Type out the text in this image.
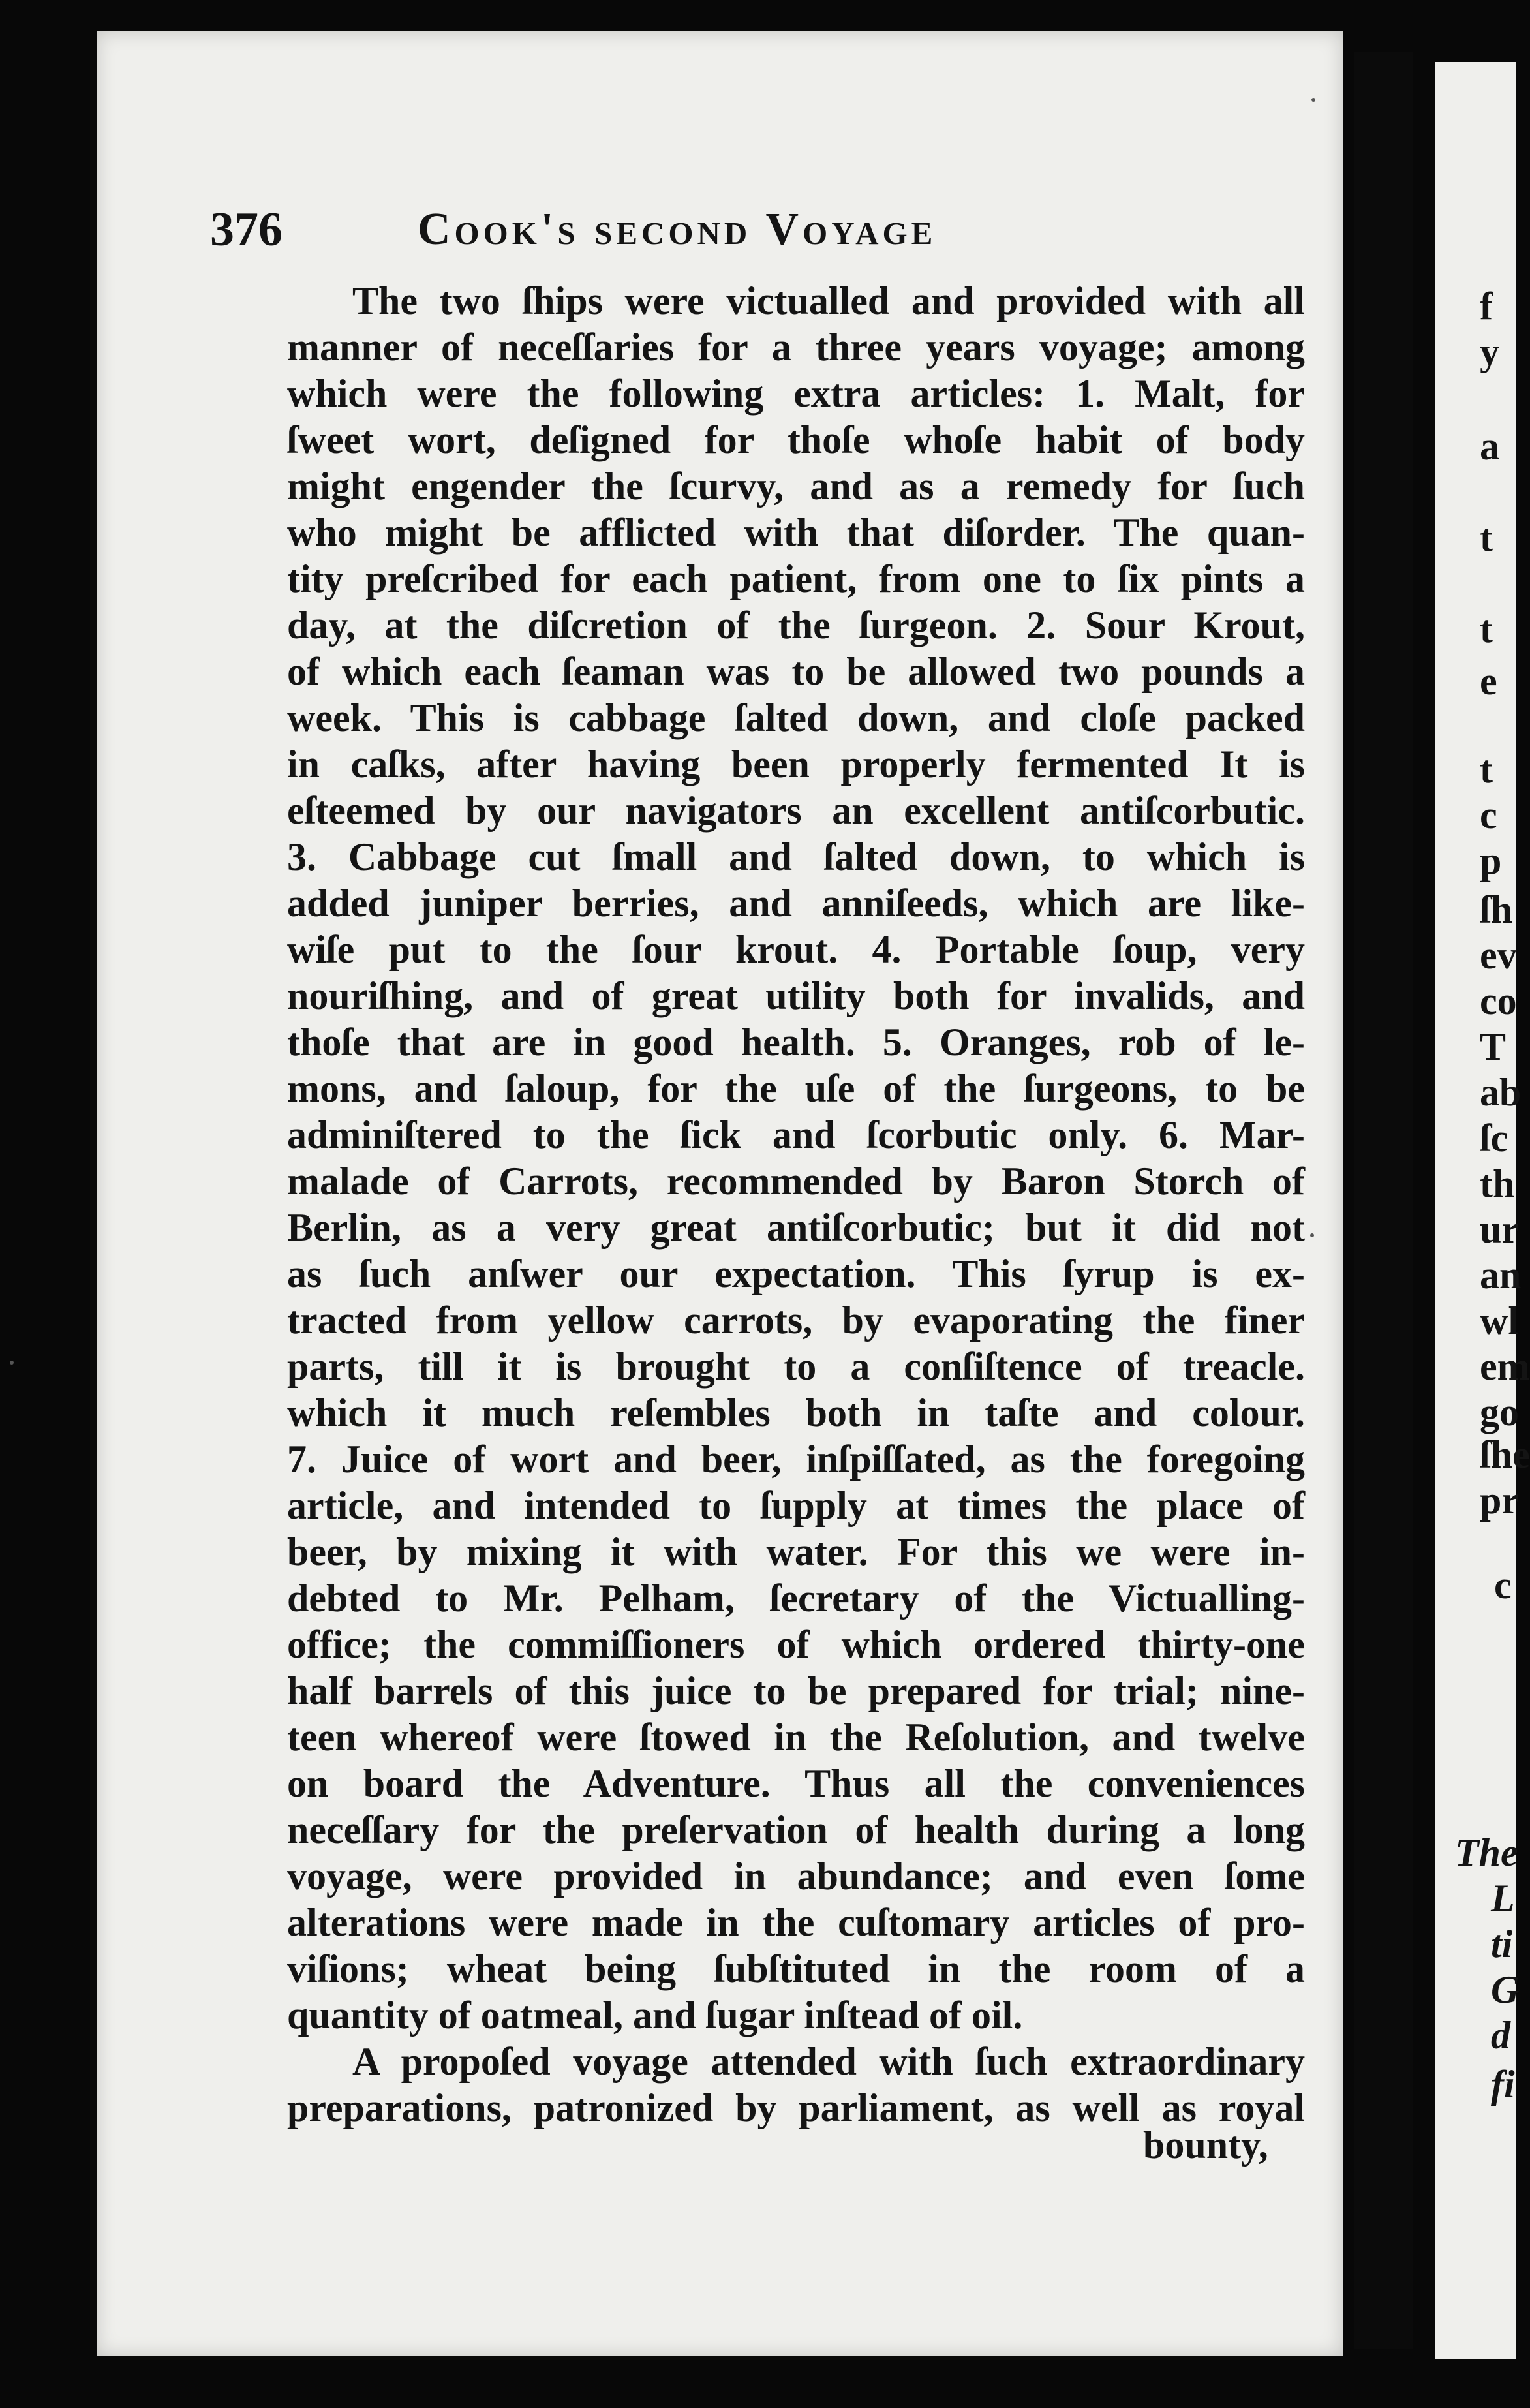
376	Cook's second Voyage
The two ſhips were victualled and provided with all
manner of neceſſaries for a three years voyage; among
which were the following extra articles: 1. Malt, for
ſweet wort, deſigned for thoſe whoſe habit of body
might engender the ſcurvy, and as a remedy for ſuch
who might be afflicted with that diſorder. The quan-
tity preſcribed for each patient, from one to ſix pints a
day, at the diſcretion of the ſurgeon. 2. Sour Krout,
of which each ſeaman was to be allowed two pounds a
week. This is cabbage ſalted down, and cloſe packed
in caſks, after having been properly fermented It is
eſteemed by our navigators an excellent antiſcorbutic.
3. Cabbage cut ſmall and ſalted down, to which is
added juniper berries, and anniſeeds, which are like-
wiſe put to the ſour krout. 4. Portable ſoup, very
nouriſhing, and of great utility both for invalids, and
thoſe that are in good health. 5. Oranges, rob of le-
mons, and ſaloup, for the uſe of the ſurgeons, to be
adminiſtered to the ſick and ſcorbutic only. 6. Mar-
malade of Carrots, recommended by Baron Storch of
Berlin, as a very great antiſcorbutic; but it did not
as ſuch anſwer our expectation. This ſyrup is ex-
tracted from yellow carrots, by evaporating the finer
parts, till it is brought to a conſiſtence of treacle.
which it much reſembles both in taſte and colour.
7. Juice of wort and beer, inſpiſſated, as the foregoing
article, and intended to ſupply at times the place of
beer, by mixing it with water. For this we were in-
debted to Mr. Pelham, ſecretary of the Victualling-
office; the commiſſioners of which ordered thirty-one
half barrels of this juice to be prepared for trial; nine-
teen whereof were ſtowed in the Reſolution, and twelve
on board the Adventure. Thus all the conveniences
neceſſary for the preſervation of health during a long
voyage, were provided in abundance; and even ſome
alterations were made in the cuſtomary articles of pro-
viſions; wheat being ſubſtituted in the room of a
quantity of oatmeal, and ſugar inſtead of oil.
A propoſed voyage attended with ſuch extraordinary
preparations, patronized by parliament, as well as royal
bounty,
f
y
a
t
t
e
t
c
p
ſh
ev
co
T
ab
ſc
th
ur
an
wl
em
go
ſhe
pr
c
The
L
ti
G
d
fi
